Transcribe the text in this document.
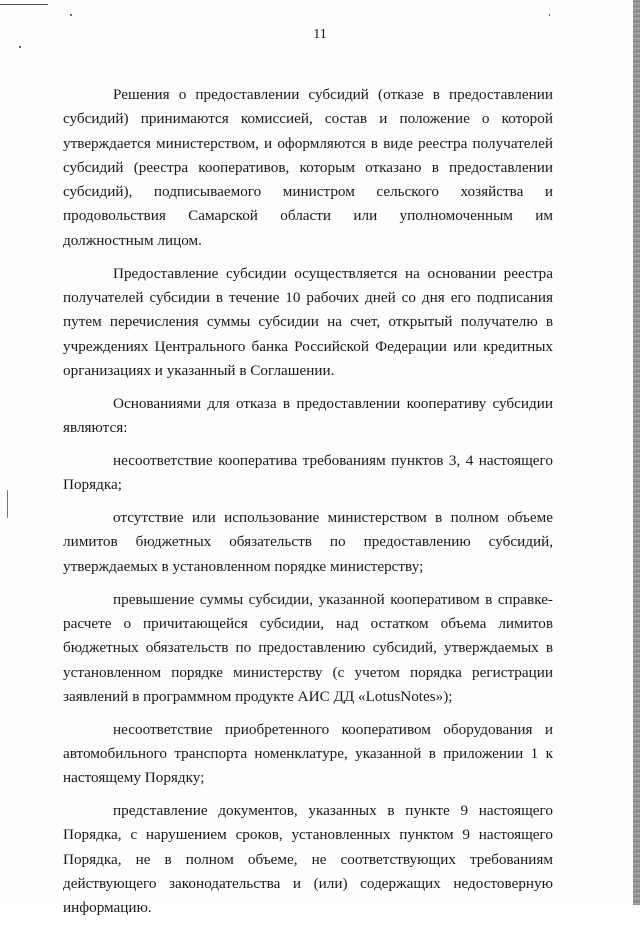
11

Решения о предоставлении субсидий (отказе в предоставлении субсидий) принимаются комиссией, состав и положение о которой утверждается министерством, и оформляются в виде реестра получателей субсидий (реестра кооперативов, которым отказано в предоставлении субсидий), подписываемого министром сельского хозяйства и продовольствия Самарской области или уполномоченным им должностным лицом.

Предоставление субсидии осуществляется на основании реестра получателей субсидии в течение 10 рабочих дней со дня его подписания путем перечисления суммы субсидии на счет, открытый получателю в учреждениях Центрального банка Российской Федерации или кредитных организациях и указанный в Соглашении.

Основаниями для отказа в предоставлении кооперативу субсидии являются:

несоответствие кооператива требованиям пунктов 3, 4 настоящего Порядка;

отсутствие или использование министерством в полном объеме лимитов бюджетных обязательств по предоставлению субсидий, утверждаемых в установленном порядке министерству;

превышение суммы субсидии, указанной кооперативом в справке-расчете о причитающейся субсидии, над остатком объема лимитов бюджетных обязательств по предоставлению субсидий, утверждаемых в установленном порядке министерству (с учетом порядка регистрации заявлений в программном продукте АИС ДД «LotusNotes»);

несоответствие приобретенного кооперативом оборудования и автомобильного транспорта номенклатуре, указанной в приложении 1 к настоящему Порядку;

представление документов, указанных в пункте 9 настоящего Порядка, с нарушением сроков, установленных пунктом 9 настоящего Порядка, не в полном объеме, не соответствующих требованиям действующего законодательства и (или) содержащих недостоверную информацию.
